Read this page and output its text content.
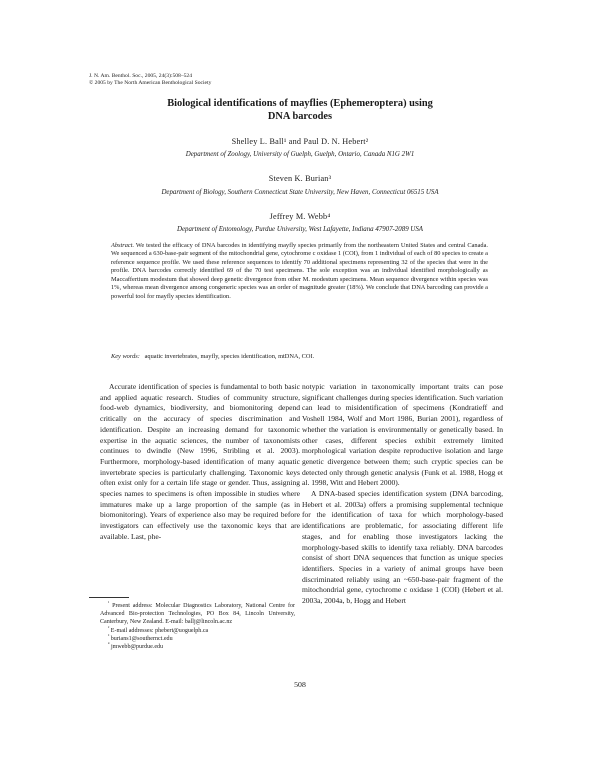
J. N. Am. Benthol. Soc., 2005, 24(3):508–524
© 2005 by The North American Benthological Society
Biological identifications of mayflies (Ephemeroptera) using
DNA barcodes
Shelley L. Ball¹ and Paul D. N. Hebert²
Department of Zoology, University of Guelph, Guelph, Ontario, Canada N1G 2W1
Steven K. Burian³
Department of Biology, Southern Connecticut State University, New Haven, Connecticut 06515 USA
Jeffrey M. Webb⁴
Department of Entomology, Purdue University, West Lafayette, Indiana 47907-2089 USA

Abstract. We tested the efficacy of DNA barcodes in identifying mayfly species primarily from the northeastern United States and central Canada. We sequenced a 630-base-pair segment of the mitochondrial gene, cytochrome c oxidase 1 (COI), from 1 individual of each of 80 species to create a reference sequence profile. We used these reference sequences to identify 70 additional specimens representing 32 of the species that were in the profile. DNA barcodes correctly identified 69 of the 70 test specimens. The sole exception was an individual identified morphologically as Maccaffertium modestum that showed deep genetic divergence from other M. modestum specimens. Mean sequence divergence within species was 1%, whereas mean divergence among congeneric species was an order of magnitude greater (18%). We conclude that DNA barcoding can provide a powerful tool for mayfly species identification.

Key words: aquatic invertebrates, mayfly, species identification, mtDNA, COI.

Accurate identification of species is fundamental to both basic and applied aquatic research. Studies of community structure, food-web dynamics, biodiversity, and biomonitoring depend critically on the accuracy of species discrimination and identification. Despite an increasing demand for taxonomic expertise in the aquatic sciences, the number of taxonomists continues to dwindle (New 1996, Stribling et al. 2003). Furthermore, morphology-based identification of many aquatic invertebrate species is particularly challenging. Taxonomic keys often exist only for a certain life stage or gender. Thus, assigning species names to specimens is often impossible in studies where immatures make up a large proportion of the sample (as in biomonitoring). Years of experience also may be required before investigators can effectively use the taxonomic keys that are available. Last, phe-

notypic variation in taxonomically important traits can pose significant challenges during species identification. Such variation can lead to misidentification of specimens (Kondratieff and Voshell 1984, Wolf and Mort 1986, Burian 2001), regardless of whether the variation is environmentally or genetically based. In other cases, different species exhibit extremely limited morphological variation despite reproductive isolation and large genetic divergence between them; such cryptic species can be detected only through genetic analysis (Funk et al. 1988, Hogg et al. 1998, Witt and Hebert 2000).

A DNA-based species identification system (DNA barcoding, Hebert et al. 2003a) offers a promising supplemental technique for the identification of taxa for which morphology-based identifications are problematic, for associating different life stages, and for enabling those investigators lacking the morphology-based skills to identify taxa reliably. DNA barcodes consist of short DNA sequences that function as unique species identifiers. Species in a variety of animal groups have been discriminated reliably using an ~650-base-pair fragment of the mitochondrial gene, cytochrome c oxidase 1 (COI) (Hebert et al. 2003a, 2004a, b, Hogg and Hebert

$^{^1}$ Present address: Molecular Diagnostics Laboratory, National Centre for Advanced Bio-protection Technologies, PO Box 84, Lincoln University, Canterbury, New Zealand. E-mail: ballj@lincoln.ac.nz

$^{^2}$ E-mail addresses: phebert@uoguelph.ca

$^{^3}$ burians1@southernct.edu

$^{^4}$ jmwebb@purdue.edu

508
